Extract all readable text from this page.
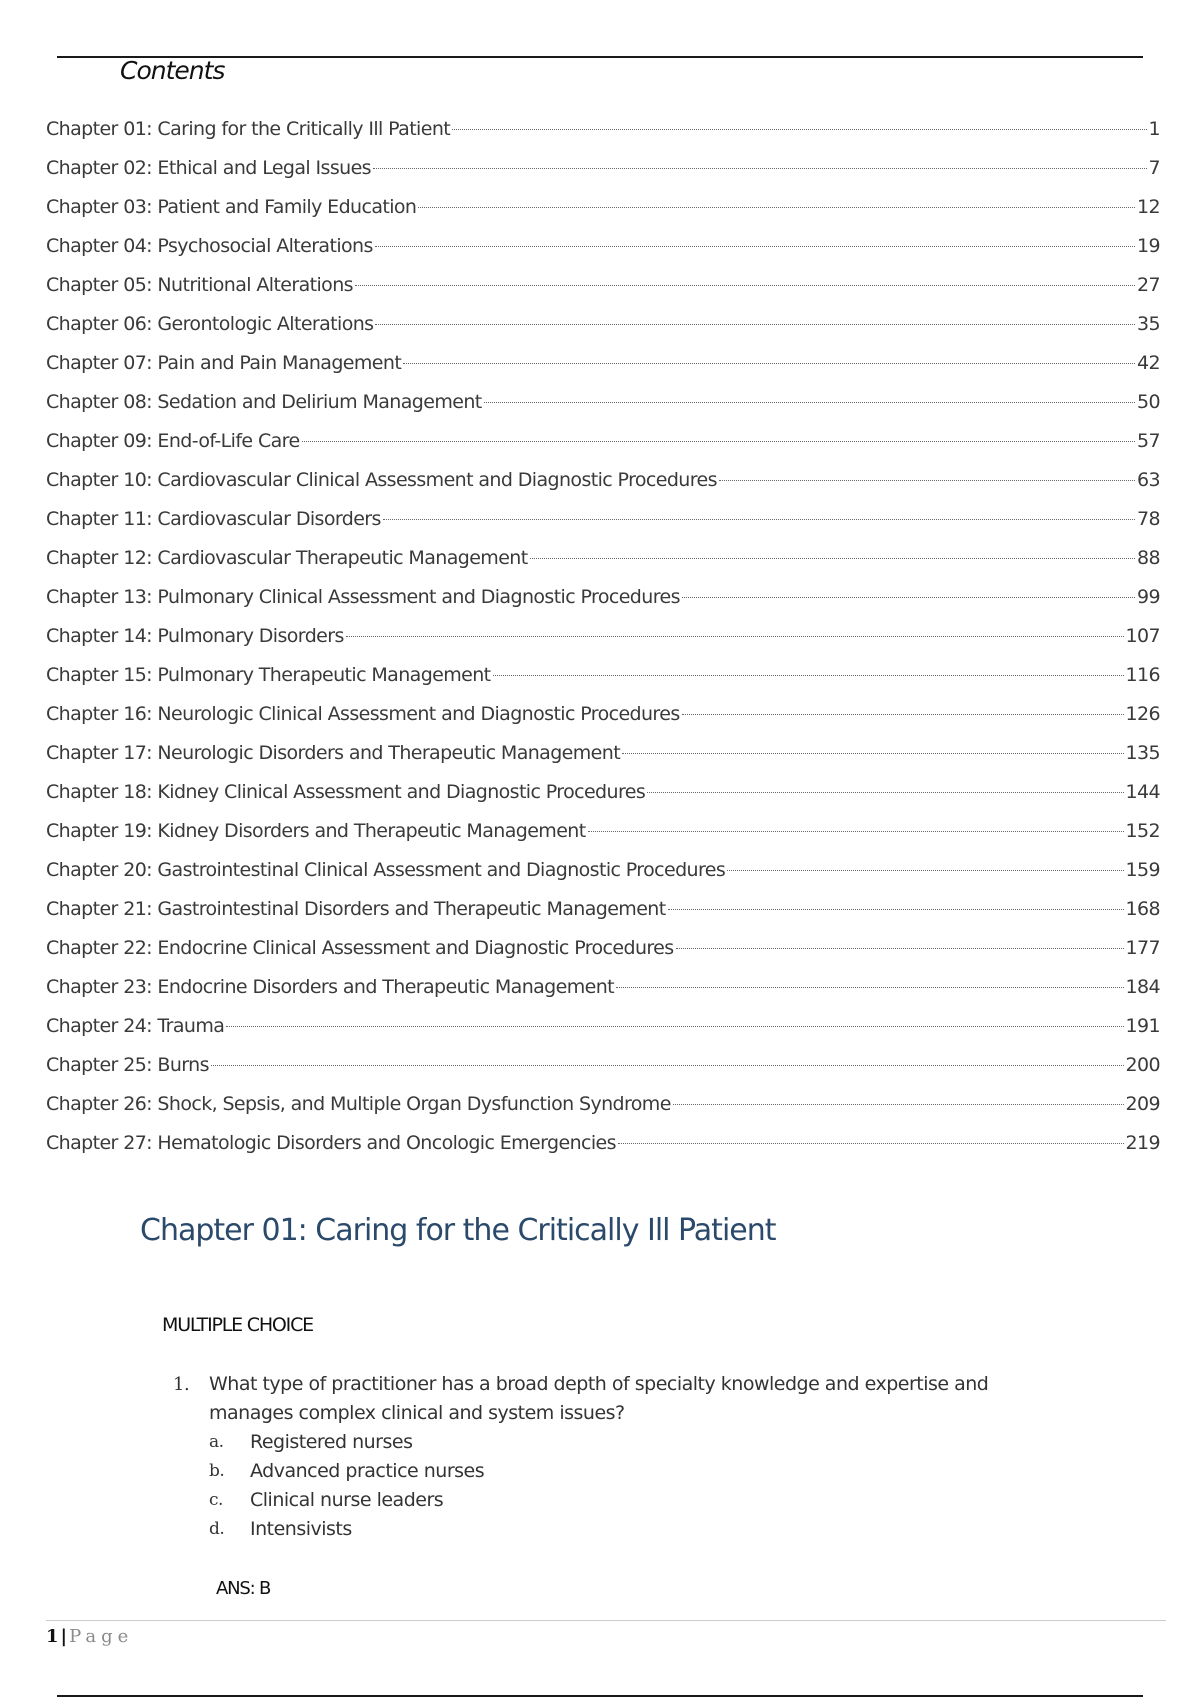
Contents
Chapter 01: Caring for the Critically Ill Patient	1
Chapter 02: Ethical and Legal Issues	7
Chapter 03: Patient and Family Education	12
Chapter 04: Psychosocial Alterations	19
Chapter 05: Nutritional Alterations	27
Chapter 06: Gerontologic Alterations	35
Chapter 07: Pain and Pain Management	42
Chapter 08: Sedation and Delirium Management	50
Chapter 09: End-of-Life Care	57
Chapter 10: Cardiovascular Clinical Assessment and Diagnostic Procedures	63
Chapter 11: Cardiovascular Disorders	78
Chapter 12: Cardiovascular Therapeutic Management	88
Chapter 13: Pulmonary Clinical Assessment and Diagnostic Procedures	99
Chapter 14: Pulmonary Disorders	107
Chapter 15: Pulmonary Therapeutic Management	116
Chapter 16: Neurologic Clinical Assessment and Diagnostic Procedures	126
Chapter 17: Neurologic Disorders and Therapeutic Management	135
Chapter 18: Kidney Clinical Assessment and Diagnostic Procedures	144
Chapter 19: Kidney Disorders and Therapeutic Management	152
Chapter 20: Gastrointestinal Clinical Assessment and Diagnostic Procedures	159
Chapter 21: Gastrointestinal Disorders and Therapeutic Management	168
Chapter 22: Endocrine Clinical Assessment and Diagnostic Procedures	177
Chapter 23: Endocrine Disorders and Therapeutic Management	184
Chapter 24: Trauma	191
Chapter 25: Burns	200
Chapter 26: Shock, Sepsis, and Multiple Organ Dysfunction Syndrome	209
Chapter 27: Hematologic Disorders and Oncologic Emergencies	219
Chapter 01: Caring for the Critically Ill Patient
MULTIPLE CHOICE
1.	What type of practitioner has a broad depth of specialty knowledge and expertise and manages complex clinical and system issues?
a.	Registered nurses
b.	Advanced practice nurses
c.	Clinical nurse leaders
d.	Intensivists
ANS: B
1 | Page
